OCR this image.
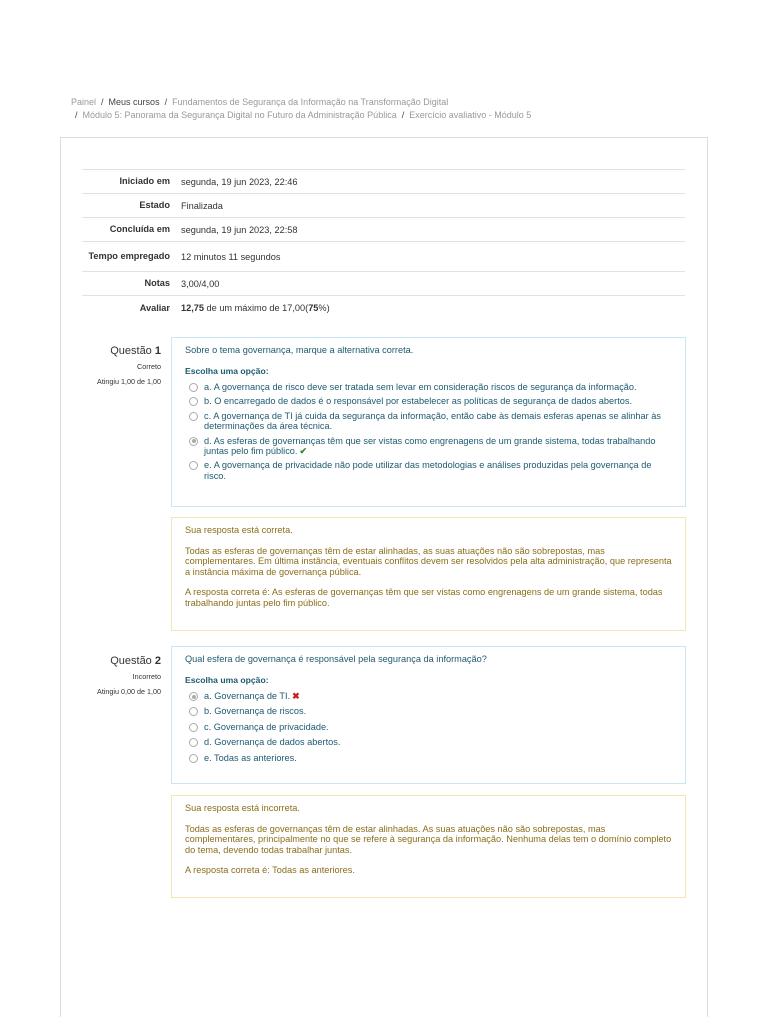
Painel / Meus cursos / Fundamentos de Segurança da Informação na Transformação Digital
/ Módulo 5: Panorama da Segurança Digital no Futuro da Administração Pública / Exercício avaliativo - Módulo 5
Iniciado em	segunda, 19 jun 2023, 22:46
Estado	Finalizada
Concluída em	segunda, 19 jun 2023, 22:58
Tempo empregado	12 minutos 11 segundos
Notas	3,00/4,00
Avaliar	12,75 de um máximo de 17,00(75%)
Questão 1
Correto
Atingiu 1,00 de 1,00

Sobre o tema governança, marque a alternativa correta.

Escolha uma opção:
a. A governança de risco deve ser tratada sem levar em consideração riscos de segurança da informação.
b. O encarregado de dados é o responsável por estabelecer as políticas de segurança de dados abertos.
c. A governança de TI já cuida da segurança da informação, então cabe às demais esferas apenas se alinhar às determinações da área técnica.
d. As esferas de governanças têm que ser vistas como engrenagens de um grande sistema, todas trabalhando juntas pelo fim público. ✔
e. A governança de privacidade não pode utilizar das metodologias e análises produzidas pela governança de risco.

Sua resposta está correta.

Todas as esferas de governanças têm de estar alinhadas, as suas atuações não são sobrepostas, mas complementares. Em última instância, eventuais conflitos devem ser resolvidos pela alta administração, que representa a instância máxima de governança pública.

A resposta correta é: As esferas de governanças têm que ser vistas como engrenagens de um grande sistema, todas trabalhando juntas pelo fim público.

Questão 2
Incorreto
Atingiu 0,00 de 1,00

Qual esfera de governança é responsável pela segurança da informação?

Escolha uma opção:
a. Governança de TI. ✖
b. Governança de riscos.
c. Governança de privacidade.
d. Governança de dados abertos.
e. Todas as anteriores.

Sua resposta está incorreta.

Todas as esferas de governanças têm de estar alinhadas. As suas atuações não são sobrepostas, mas complementares, principalmente no que se refere à segurança da informação. Nenhuma delas tem o domínio completo do tema, devendo todas trabalhar juntas.

A resposta correta é: Todas as anteriores.
